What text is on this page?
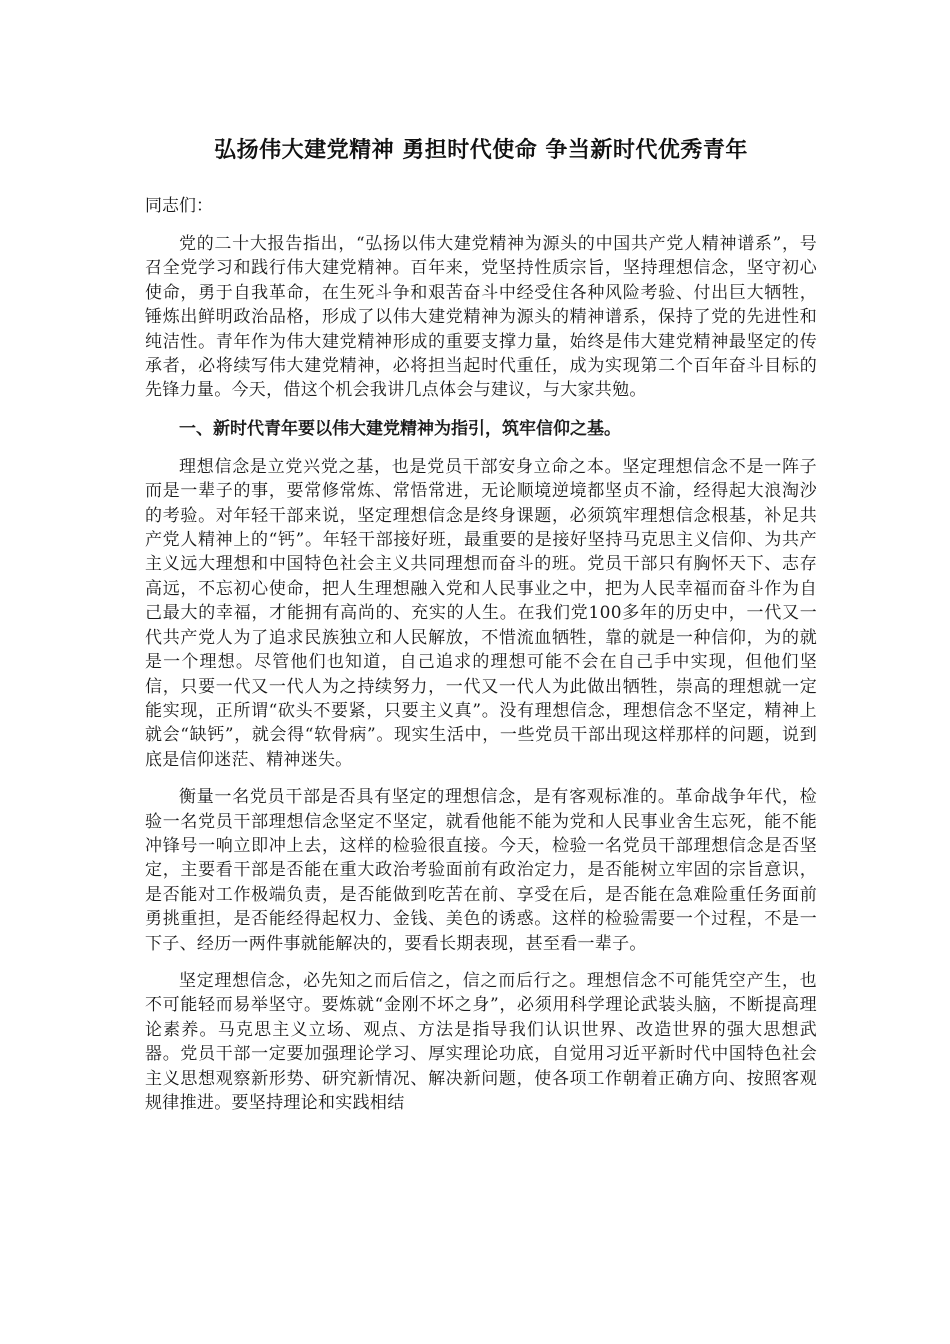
弘扬伟大建党精神 勇担时代使命 争当新时代优秀青年

同志们：

党的二十大报告指出，“弘扬以伟大建党精神为源头的中国共产党人精神谱系”，号召全党学习和践行伟大建党精神。百年来，党坚持性质宗旨，坚持理想信念，坚守初心使命，勇于自我革命，在生死斗争和艰苦奋斗中经受住各种风险考验、付出巨大牺牲，锤炼出鲜明政治品格，形成了以伟大建党精神为源头的精神谱系，保持了党的先进性和纯洁性。青年作为伟大建党精神形成的重要支撑力量，始终是伟大建党精神最坚定的传承者，必将续写伟大建党精神，必将担当起时代重任，成为实现第二个百年奋斗目标的先锋力量。今天，借这个机会我讲几点体会与建议，与大家共勉。

一、新时代青年要以伟大建党精神为指引，筑牢信仰之基。

理想信念是立党兴党之基，也是党员干部安身立命之本。坚定理想信念不是一阵子而是一辈子的事，要常修常炼、常悟常进，无论顺境逆境都坚贞不渝，经得起大浪淘沙的考验。对年轻干部来说，坚定理想信念是终身课题，必须筑牢理想信念根基，补足共产党人精神上的“钙”。年轻干部接好班，最重要的是接好坚持马克思主义信仰、为共产主义远大理想和中国特色社会主义共同理想而奋斗的班。党员干部只有胸怀天下、志存高远，不忘初心使命，把人生理想融入党和人民事业之中，把为人民幸福而奋斗作为自己最大的幸福，才能拥有高尚的、充实的人生。在我们党100多年的历史中，一代又一代共产党人为了追求民族独立和人民解放，不惜流血牺牲，靠的就是一种信仰，为的就是一个理想。尽管他们也知道，自己追求的理想可能不会在自己手中实现，但他们坚信，只要一代又一代人为之持续努力，一代又一代人为此做出牺牲，崇高的理想就一定能实现，正所谓“砍头不要紧，只要主义真”。没有理想信念，理想信念不坚定，精神上就会“缺钙”，就会得“软骨病”。现实生活中，一些党员干部出现这样那样的问题，说到底是信仰迷茫、精神迷失。

衡量一名党员干部是否具有坚定的理想信念，是有客观标准的。革命战争年代，检验一名党员干部理想信念坚定不坚定，就看他能不能为党和人民事业舍生忘死，能不能冲锋号一响立即冲上去，这样的检验很直接。今天，检验一名党员干部理想信念是否坚定，主要看干部是否能在重大政治考验面前有政治定力，是否能树立牢固的宗旨意识，是否能对工作极端负责，是否能做到吃苦在前、享受在后，是否能在急难险重任务面前勇挑重担，是否能经得起权力、金钱、美色的诱惑。这样的检验需要一个过程，不是一下子、经历一两件事就能解决的，要看长期表现，甚至看一辈子。

坚定理想信念，必先知之而后信之，信之而后行之。理想信念不可能凭空产生，也不可能轻而易举坚守。要炼就“金刚不坏之身”，必须用科学理论武装头脑，不断提高理论素养。马克思主义立场、观点、方法是指导我们认识世界、改造世界的强大思想武器。党员干部一定要加强理论学习、厚实理论功底，自觉用习近平新时代中国特色社会主义思想观察新形势、研究新情况、解决新问题，使各项工作朝着正确方向、按照客观规律推进。要坚持理论和实践相结
